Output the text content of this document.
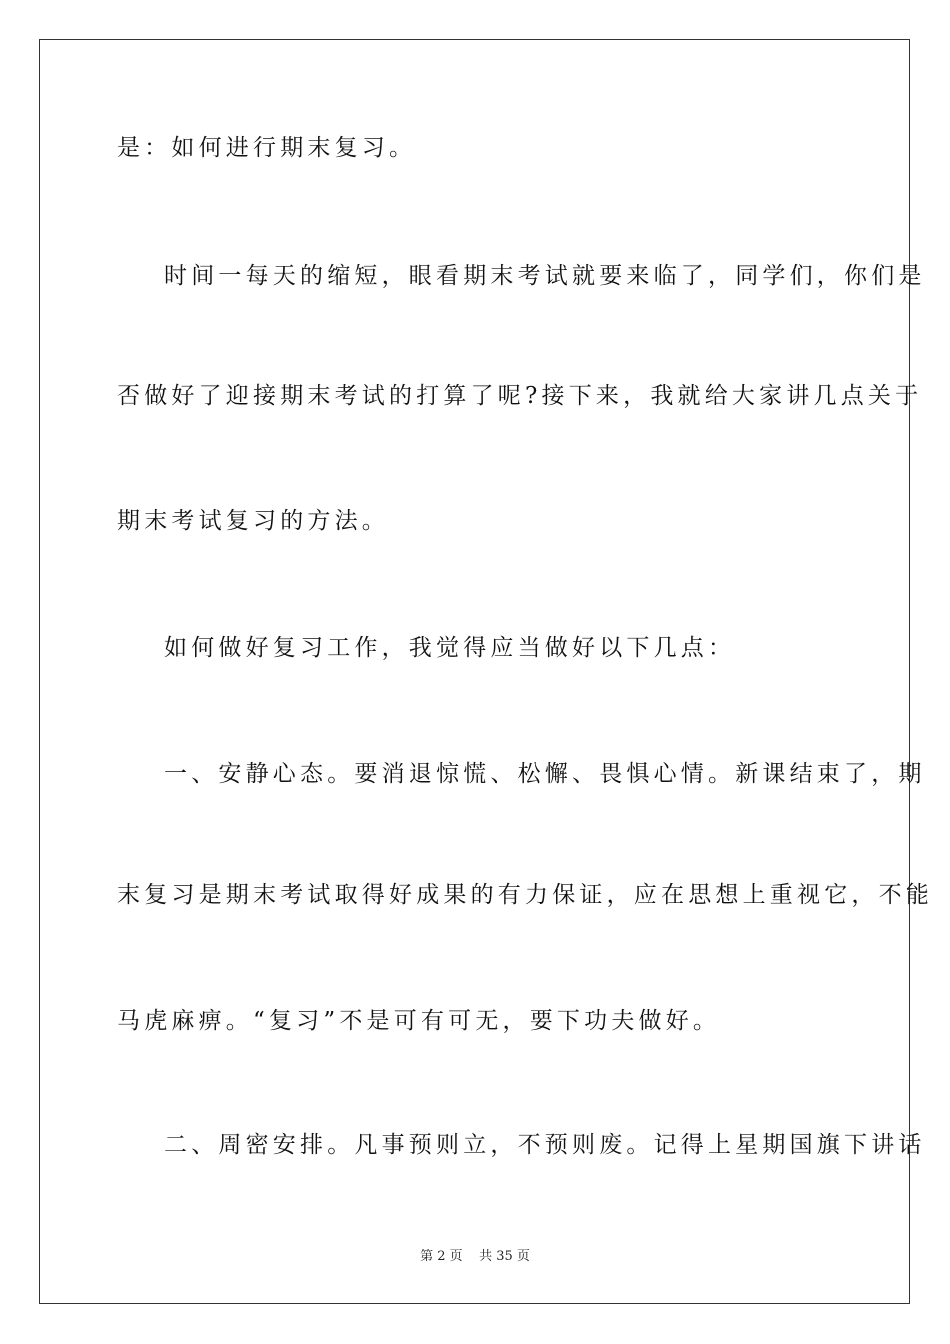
是：如何进行期末复习。
时间一每天的缩短，眼看期末考试就要来临了，同学们，你们是
否做好了迎接期末考试的打算了呢?接下来，我就给大家讲几点关于
期末考试复习的方法。
如何做好复习工作，我觉得应当做好以下几点：
一、安静心态。要消退惊慌、松懈、畏惧心情。新课结束了，期
末复习是期末考试取得好成果的有力保证，应在思想上重视它，不能
马虎麻痹。“复习”不是可有可无，要下功夫做好。
二、周密安排。凡事预则立，不预则废。记得上星期国旗下讲话
第 2 页    共 35 页
